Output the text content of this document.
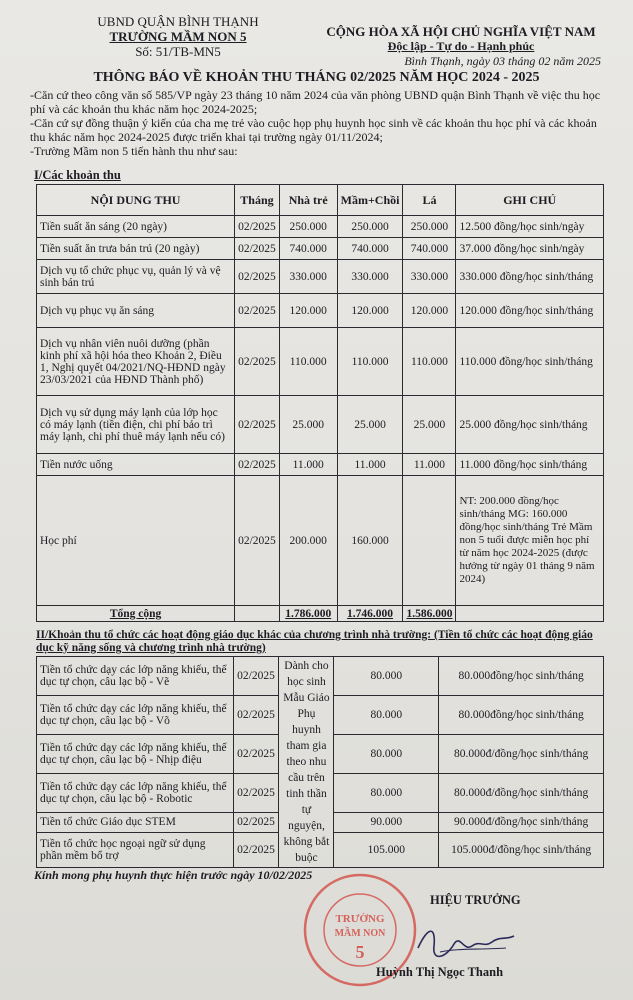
UBND QUẬN BÌNH THẠNH
TRƯỜNG MẦM NON 5
Số: 51/TB-MN5
CỘNG HÒA XÃ HỘI CHỦ NGHĨA VIỆT NAM
Độc lập - Tự do - Hạnh phúc
Bình Thạnh, ngày 03 tháng 02 năm 2025
THÔNG BÁO VỀ KHOẢN THU THÁNG 02/2025 NĂM HỌC 2024 - 2025

-Căn cứ theo công văn số 585/VP ngày 23 tháng 10 năm 2024 của văn phòng UBND quận Bình Thạnh về việc thu học phí và các khoản thu khác năm học 2024-2025;

-Căn cứ sự đồng thuận ý kiến của cha mẹ trẻ vào cuộc họp phụ huynh học sinh về các khoản thu học phí và các khoản thu khác năm học 2024-2025 được triển khai tại trường ngày 01/11/2024;

-Trường Mầm non 5 tiến hành thu như sau:

I/Các khoản thu
NỘI DUNG THU	Tháng	Nhà trẻ	Mầm+Chồi	Lá	GHI CHÚ
Tiền suất ăn sáng (20 ngày)	02/2025	250.000	250.000	250.000	12.500 đồng/học sinh/ngày
Tiền suất ăn trưa bán trú (20 ngày)	02/2025	740.000	740.000	740.000	37.000 đồng/học sinh/ngày
Dịch vụ tổ chức phục vụ, quản lý và vệ sinh bán trú	02/2025	330.000	330.000	330.000	330.000 đồng/học sinh/tháng
Dịch vụ phục vụ ăn sáng	02/2025	120.000	120.000	120.000	120.000 đồng/học sinh/tháng
Dịch vụ nhân viên nuôi dưỡng (phần kinh phí xã hội hóa theo Khoản 2, Điều 1, Nghị quyết 04/2021/NQ-HĐND ngày 23/03/2021 của HĐND Thành phố)	02/2025	110.000	110.000	110.000	110.000 đồng/học sinh/tháng
Dịch vụ sử dụng máy lạnh của lớp học có máy lạnh (tiền điện, chi phí bảo trì máy lạnh, chi phí thuê máy lạnh nếu có)	02/2025	25.000	25.000	25.000	25.000 đồng/học sinh/tháng
Tiền nước uống	02/2025	11.000	11.000	11.000	11.000 đồng/học sinh/tháng
Học phí	02/2025	200.000	160.000		NT: 200.000 đồng/học sinh/tháng MG: 160.000 đồng/học sinh/tháng Trẻ Mầm non 5 tuổi được miễn học phí từ năm học 2024-2025 (được hưởng từ ngày 01 tháng 9 năm 2024)
Tổng cộng		1.786.000	1.746.000	1.586.000	
II/Khoản thu tổ chức các hoạt động giáo dục khác của chương trình nhà trường: (Tiền tổ chức các hoạt động giáo dục kỹ năng sống và chương trình nhà trường)
Tiền tổ chức dạy các lớp năng khiếu, thể dục tự chọn, câu lạc bộ - Vẽ	02/2025	Dành cho học sinh Mẫu Giáo Phụ huynh tham gia theo nhu cầu trên tinh thần tự nguyện, không bắt buộc	80.000	80.000đồng/học sinh/tháng
Tiền tổ chức dạy các lớp năng khiếu, thể dục tự chọn, câu lạc bộ - Võ	02/2025		80.000	80.000đồng/học sinh/tháng
Tiền tổ chức dạy các lớp năng khiếu, thể dục tự chọn, câu lạc bộ - Nhịp điệu	02/2025		80.000	80.000đ/đồng/học sinh/tháng
Tiền tổ chức dạy các lớp năng khiếu, thể dục tự chọn, câu lạc bộ - Robotic	02/2025		80.000	80.000đ/đồng/học sinh/tháng
Tiền tổ chức Giáo dục STEM	02/2025		90.000	90.000đ/đồng/học sinh/tháng
Tiền tổ chức học ngoại ngữ sử dụng phần mềm bổ trợ	02/2025		105.000	105.000đ/đồng/học sinh/tháng
Kính mong phụ huynh thực hiện trước ngày 10/02/2025
TRƯỜNG
MẦM NON
5
HIỆU TRƯỞNG
Huỳnh Thị Ngọc Thanh
